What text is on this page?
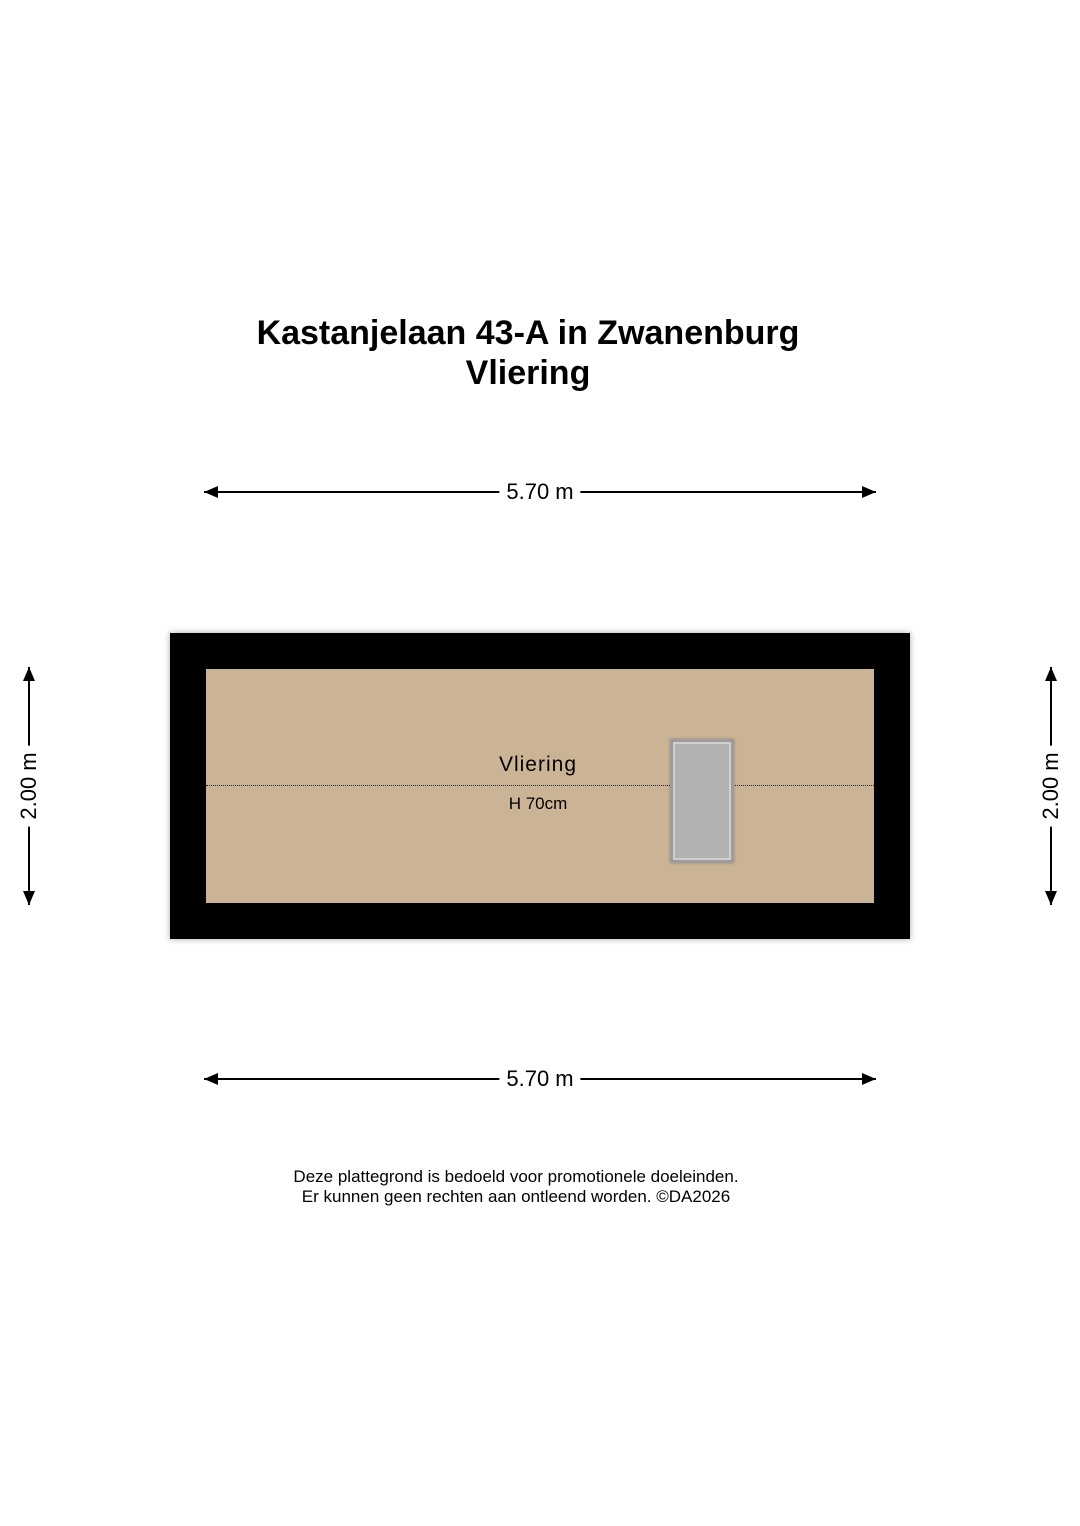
Kastanjelaan 43-A in Zwanenburg
Vliering
5.70 m
2.00 m	2.00 m
Vliering
H 70cm
5.70 m
Deze plattegrond is bedoeld voor promotionele doeleinden.
Er kunnen geen rechten aan ontleend worden. ©DA2026
